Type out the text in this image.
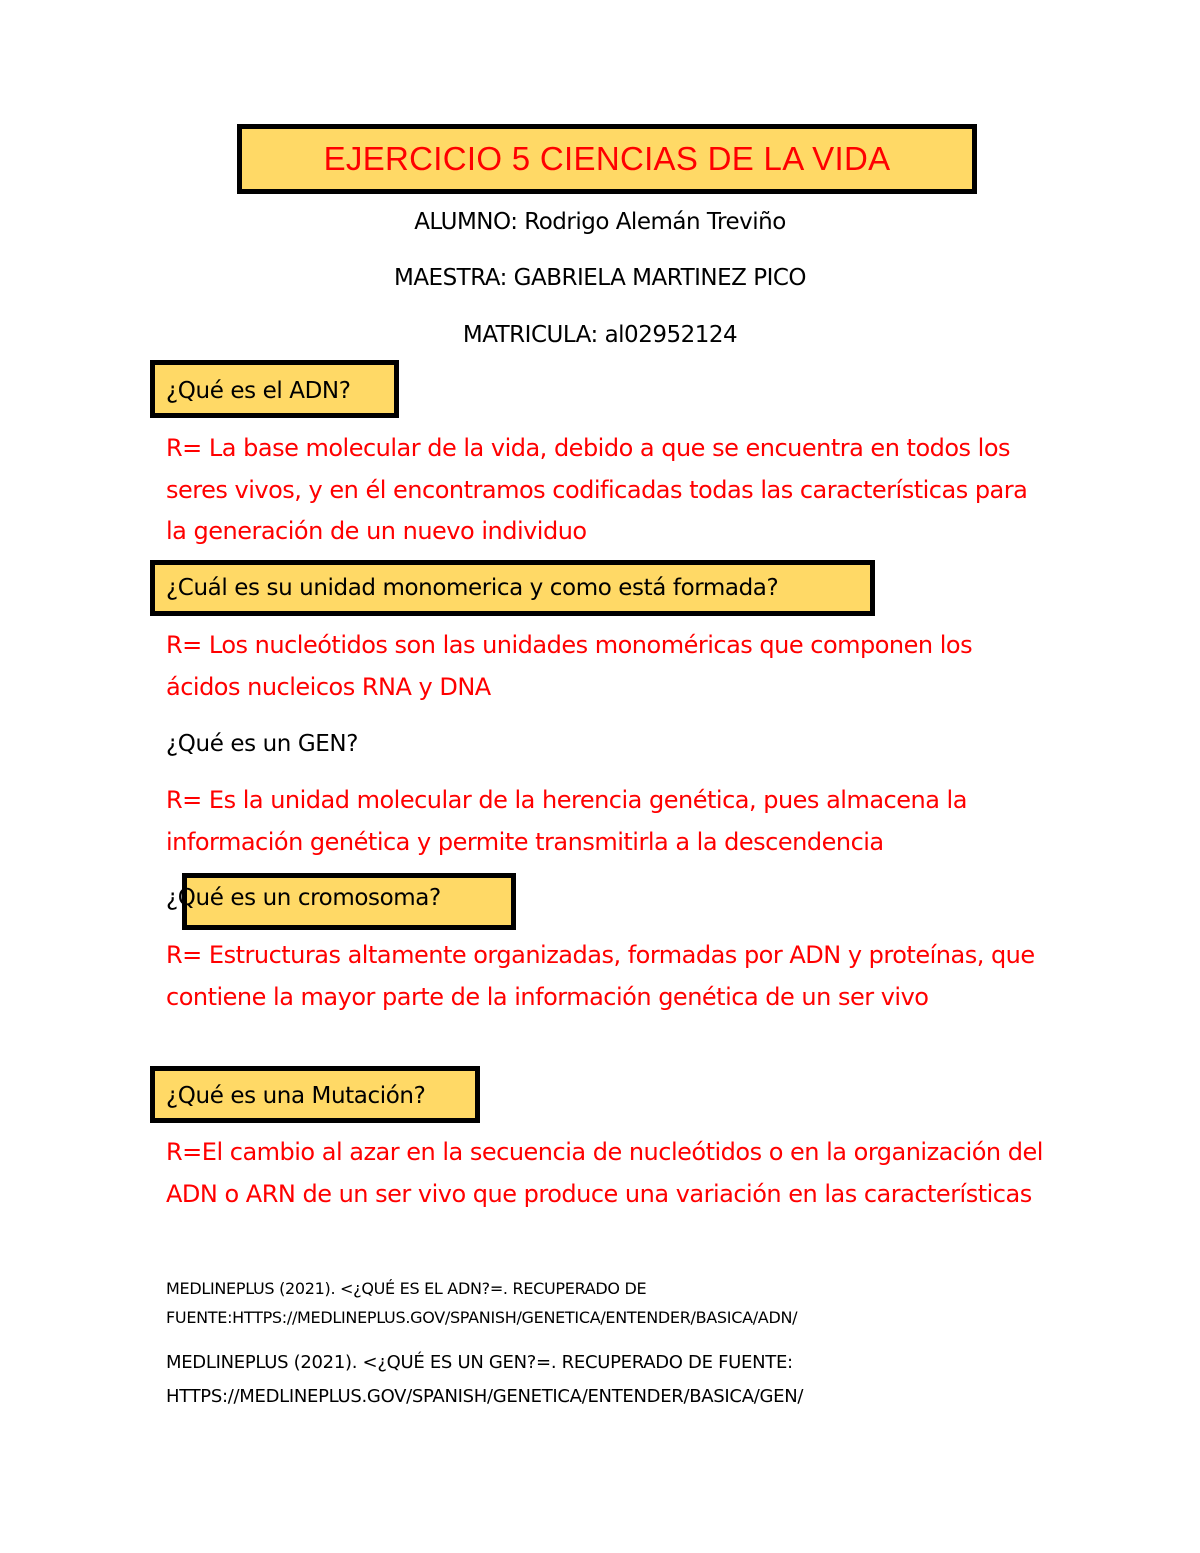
EJERCICIO 5 CIENCIAS DE LA VIDA
ALUMNO: Rodrigo Alemán Treviño
MAESTRA: GABRIELA MARTINEZ PICO
MATRICULA: al02952124
¿Qué es el ADN?
R= La base molecular de la vida, debido a que se encuentra en todos los seres vivos, y en él encontramos codificadas todas las características para la generación de un nuevo individuo
¿Cuál es su unidad monomerica y como está formada?
R= Los nucleótidos son las unidades monoméricas que componen los ácidos nucleicos RNA y DNA
¿Qué es un GEN?
R= Es la unidad molecular de la herencia genética, pues almacena la información genética y permite transmitirla a la descendencia
¿Qué es un cromosoma?
R= Estructuras altamente organizadas, formadas por ADN y proteínas, que contiene la mayor parte de la información genética de un ser vivo
¿Qué es una Mutación?
R=El cambio al azar en la secuencia de nucleótidos o en la organización del ADN o ARN de un ser vivo que produce una variación en las características
MEDLINEPLUS (2021). <¿QUÉ ES EL ADN?=. RECUPERADO DE FUENTE:HTTPS://MEDLINEPLUS.GOV/SPANISH/GENETICA/ENTENDER/BASICA/ADN/
MEDLINEPLUS (2021). <¿QUÉ ES UN GEN?=. RECUPERADO DE FUENTE: HTTPS://MEDLINEPLUS.GOV/SPANISH/GENETICA/ENTENDER/BASICA/GEN/
